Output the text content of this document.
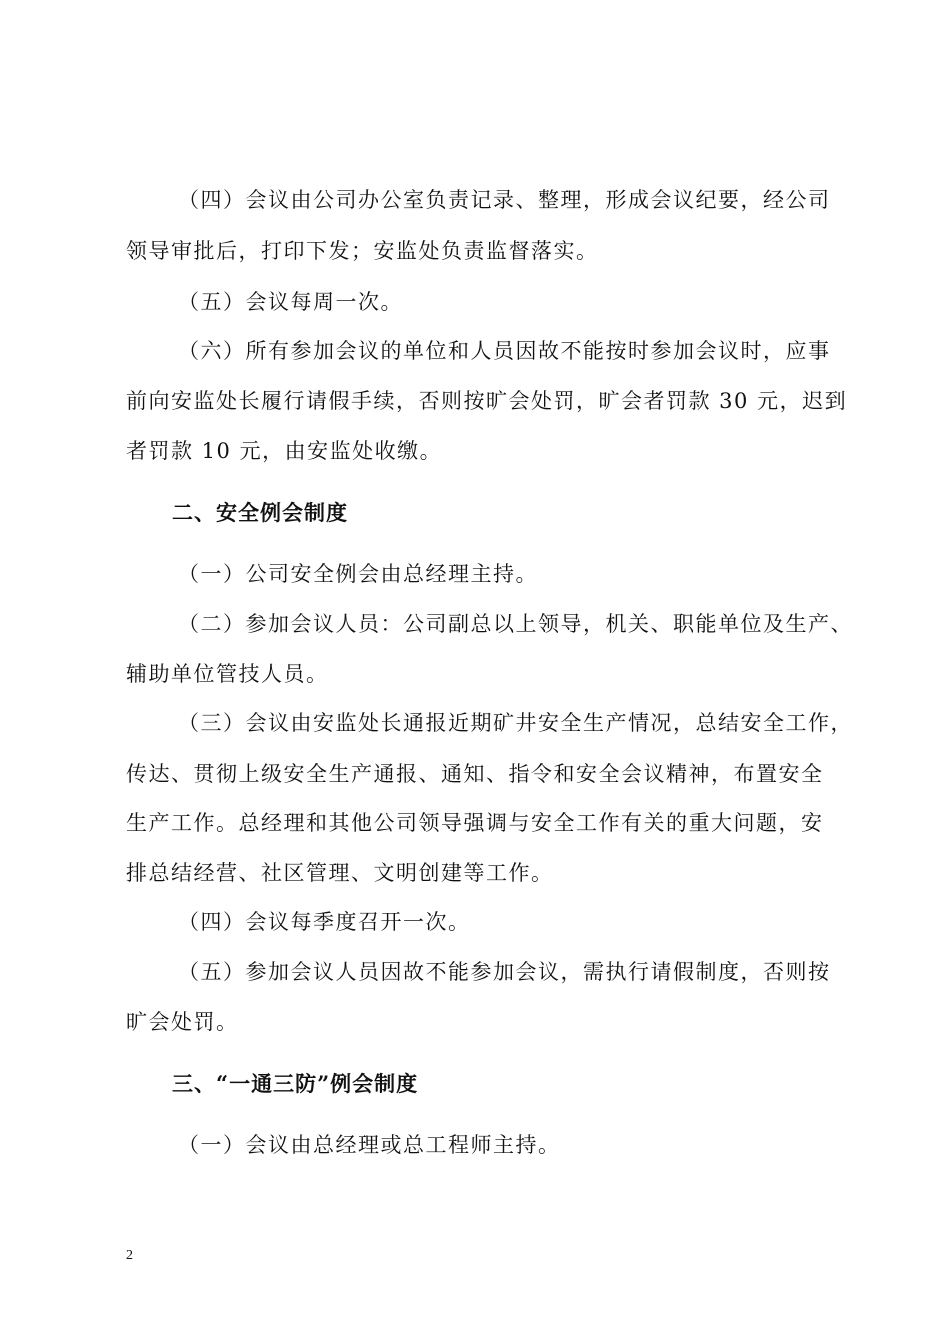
（四）会议由公司办公室负责记录、整理，形成会议纪要，经公司
领导审批后，打印下发；安监处负责监督落实。
（五）会议每周一次。
（六）所有参加会议的单位和人员因故不能按时参加会议时，应事
前向安监处长履行请假手续，否则按旷会处罚，旷会者罚款 30 元，迟到
者罚款 10 元，由安监处收缴。
二、安全例会制度
（一）公司安全例会由总经理主持。
（二）参加会议人员：公司副总以上领导，机关、职能单位及生产、
辅助单位管技人员。
（三）会议由安监处长通报近期矿井安全生产情况，总结安全工作，
传达、贯彻上级安全生产通报、通知、指令和安全会议精神，布置安全
生产工作。总经理和其他公司领导强调与安全工作有关的重大问题，安
排总结经营、社区管理、文明创建等工作。
（四）会议每季度召开一次。
（五）参加会议人员因故不能参加会议，需执行请假制度，否则按
旷会处罚。
三、“一通三防”例会制度
（一）会议由总经理或总工程师主持。
2
